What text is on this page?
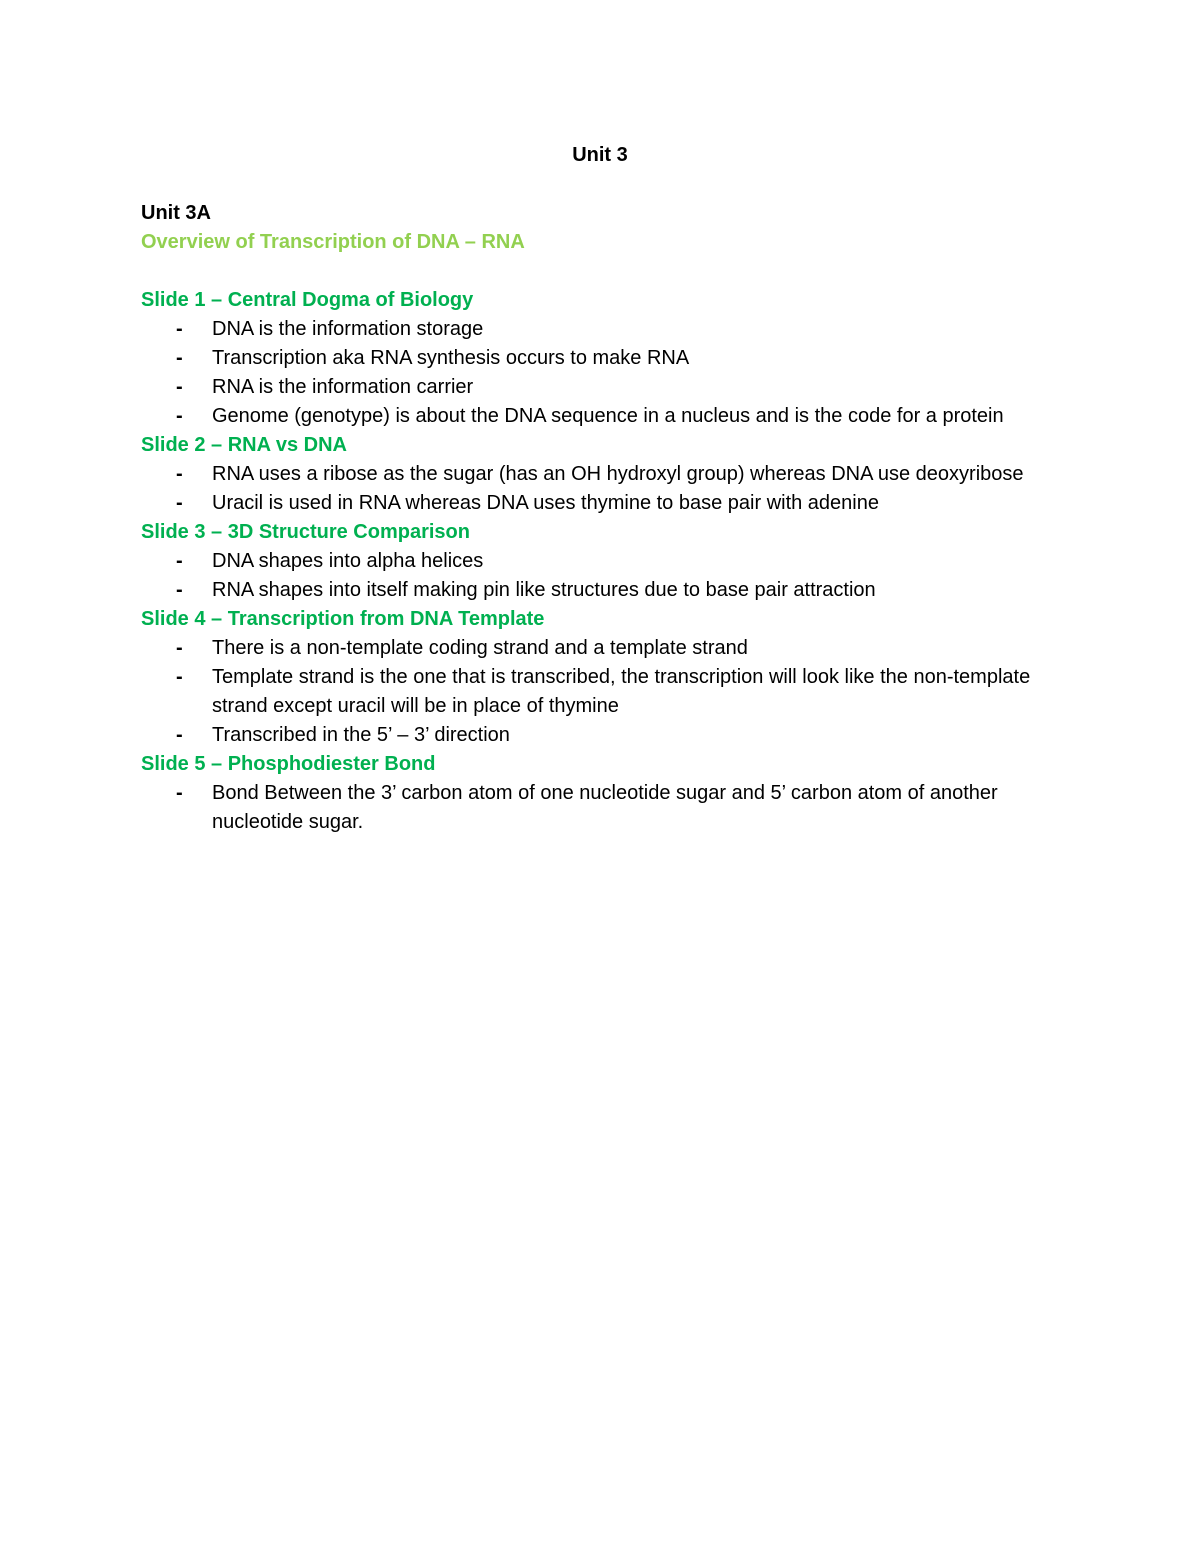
Unit 3
Unit 3A
Overview of Transcription of DNA – RNA
Slide 1 – Central Dogma of Biology
- DNA is the information storage
- Transcription aka RNA synthesis occurs to make RNA
- RNA is the information carrier
- Genome (genotype) is about the DNA sequence in a nucleus and is the code for a protein
Slide 2 – RNA vs DNA
- RNA uses a ribose as the sugar (has an OH hydroxyl group) whereas DNA use deoxyribose
- Uracil is used in RNA whereas DNA uses thymine to base pair with adenine
Slide 3 – 3D Structure Comparison
- DNA shapes into alpha helices
- RNA shapes into itself making pin like structures due to base pair attraction
Slide 4 – Transcription from DNA Template
- There is a non-template coding strand and a template strand
- Template strand is the one that is transcribed, the transcription will look like the non-template strand except uracil will be in place of thymine
- Transcribed in the 5’ – 3’ direction
Slide 5 – Phosphodiester Bond
- Bond Between the 3’ carbon atom of one nucleotide sugar and 5’ carbon atom of another nucleotide sugar.
